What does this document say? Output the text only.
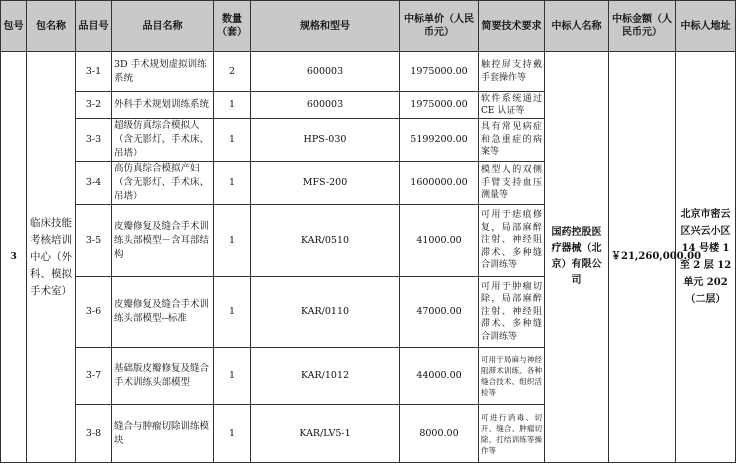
包号	包名称	品目号	品目名称	数量（套）	规格和型号	中标单价（人民币元）	简要技术要求	中标人名称	中标金额（人民币元）	中标人地址
3	临床技能考核培训中心（外科、模拟手术室）	3-1	3D 手术规划虚拟训练系统	2	600003	1975000.00	触控屏支持戴手套操作等	国药控股医疗器械（北京）有限公司	￥21,260,000.00	北京市密云区兴云小区 14 号楼 1 至 2 层 12 单元 202（二层）
		3-2	外科手术规划训练系统	1	600003	1975000.00	软件系统通过 CE 认证等			
		3-3	超级仿真综合模拟人（含无影灯、手术床、吊塔）	1	HPS-030	5199200.00	具有常见病症和急重症的病案等			
		3-4	高仿真综合模拟产妇（含无影灯、手术床、吊塔）	1	MFS-200	1600000.00	模型人的双侧手臂支持血压测量等			
		3-5	皮瓣修复及缝合手术训练头部模型－含耳部结构	1	KAR/0510	41000.00	可用于痣痕修复，局部麻醉注射、神经阻滞术、多种缝合训练等			
		3-6	皮瓣修复及缝合手术训练头部模型--标准	1	KAR/0110	47000.00	可用于肿瘤切除，局部麻醉注射、神经阻滞术、多种缝合训练等			
		3-7	基础版皮瓣修复及缝合手术训练头部模型	1	KAR/1012	44000.00	可用于局麻与神经阻滞术训练、各种缝合技术、组织活检等			
		3-8	缝合与肿瘤切除训练模块	1	KAR/LV5-1	8000.00	可进行消毒、切开、缝合、肿瘤切除、打结训练等操作等			
